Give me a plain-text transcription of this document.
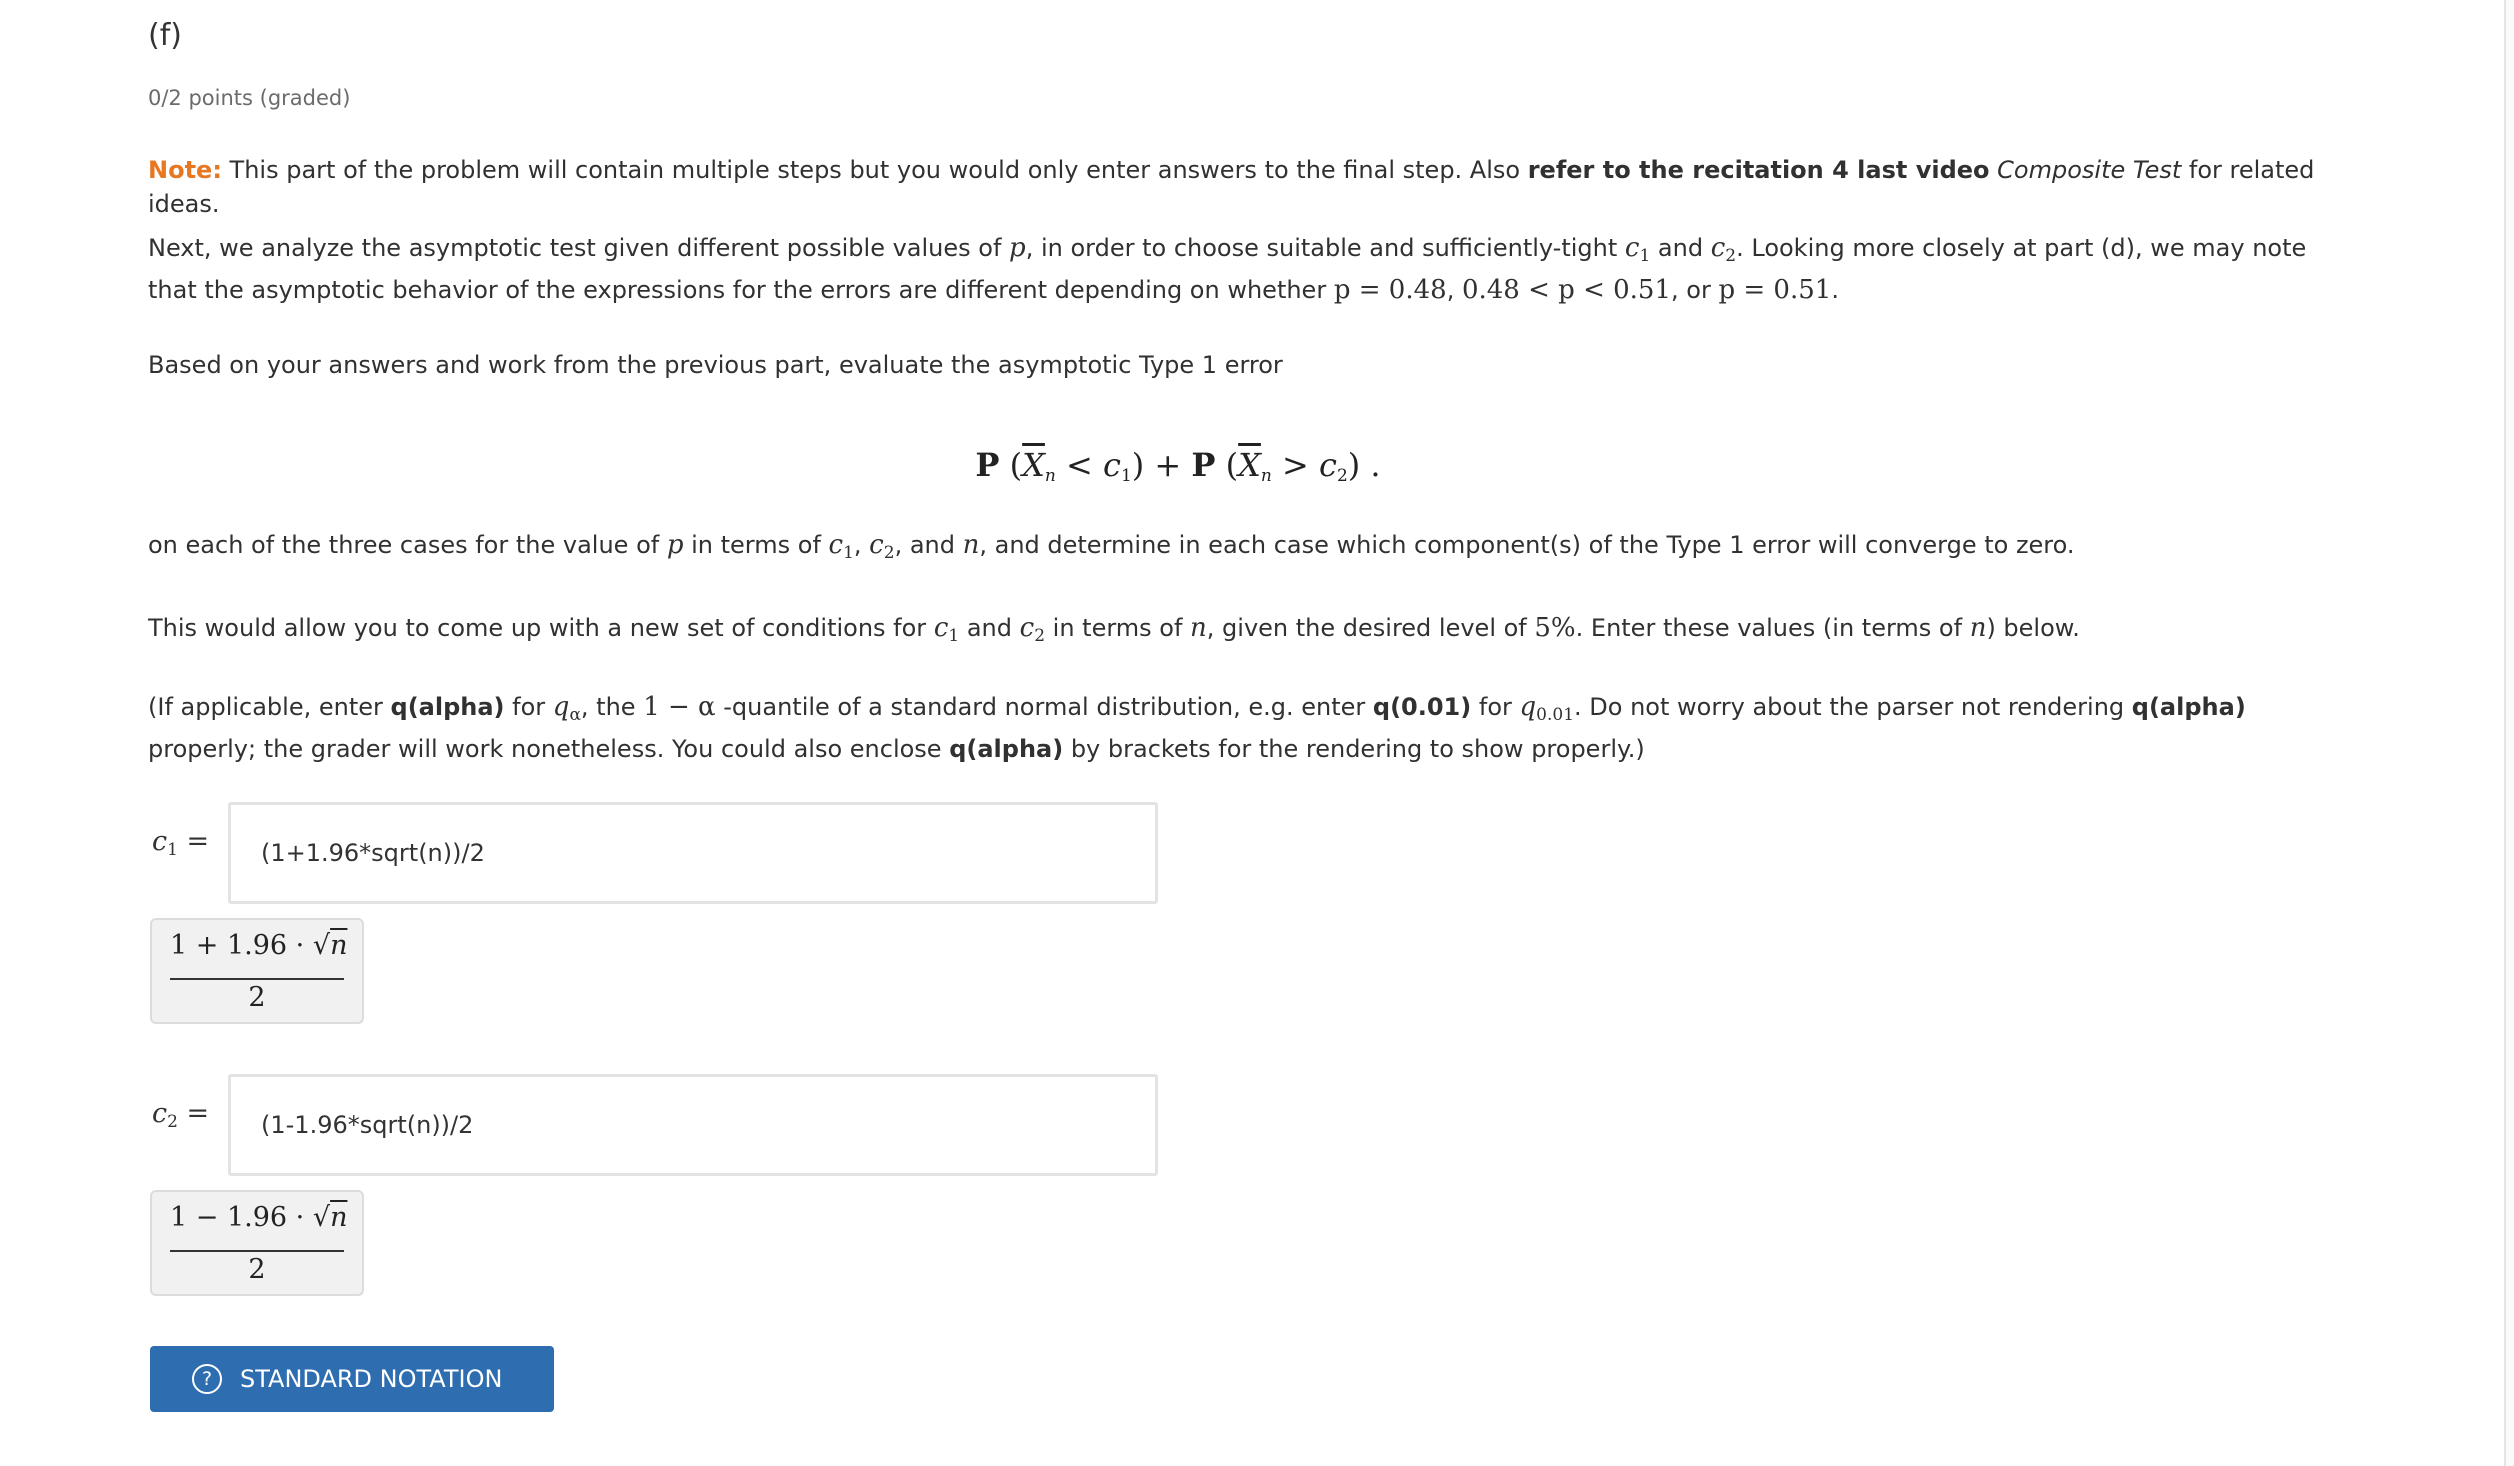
(f)
0/2 points (graded)
Note: This part of the problem will contain multiple steps but you would only enter answers to the final step. Also refer to the recitation 4 last video Composite Test for related ideas.
Next, we analyze the asymptotic test given different possible values of p, in order to choose suitable and sufficiently-tight $c_1$ and $c_2$. Looking more closely at part (d), we may note that the asymptotic behavior of the expressions for the errors are different depending on whether p = 0.48, 0.48 < p < 0.51, or p = 0.51.
Based on your answers and work from the previous part, evaluate the asymptotic Type 1 error
P $(\overline{X}_n < c_1) + P$ $(\overline{X}_n > c_2)$ .
on each of the three cases for the value of p in terms of $c_1$, $c_2$, and n, and determine in each case which component(s) of the Type 1 error will converge to zero.
This would allow you to come up with a new set of conditions for $c_1$ and $c_2$ in terms of n, given the desired level of 5%. Enter these values (in terms of n) below.
(If applicable, enter q(alpha) for $q_\alpha$, the 1 − α -quantile of a standard normal distribution, e.g. enter q(0.01) for $q_{0.01}$. Do not worry about the parser not rendering q(alpha) properly; the grader will work nonetheless. You could also enclose q(alpha) by brackets for the rendering to show properly.)
$c_1$ =	(1+1.96*sqrt(n))/2
1 + 1.96 · √n
2
$c_2$ =	(1-1.96*sqrt(n))/2
1 − 1.96 · √n
2
?	STANDARD NOTATION
